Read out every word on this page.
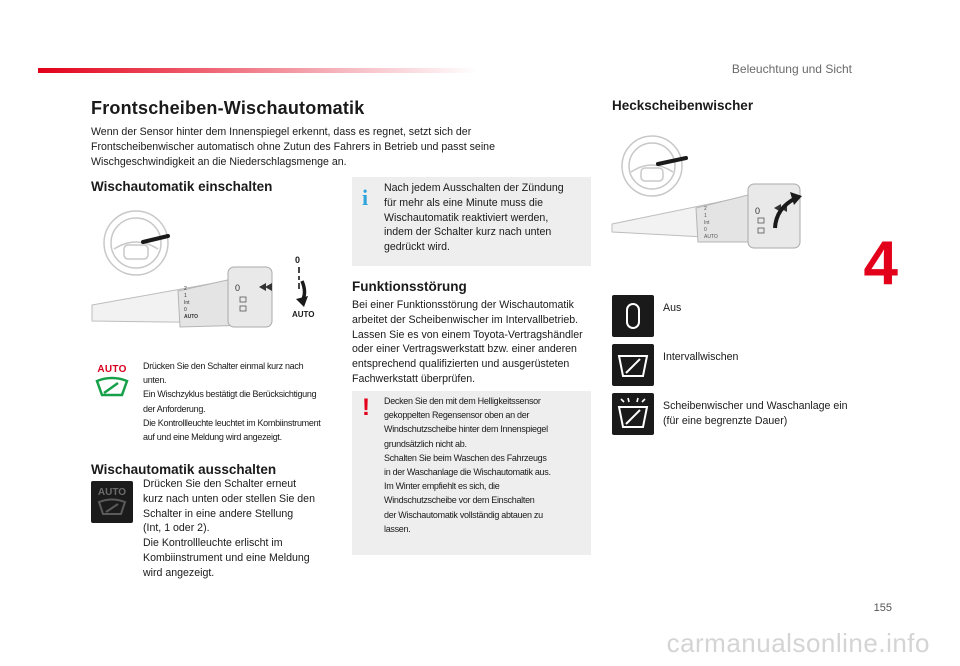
Beleuchtung und Sicht
Frontscheiben-Wischautomatik
Wenn der Sensor hinter dem Innenspiegel erkennt, dass es regnet, setzt sich der Frontscheibenwischer automatisch ohne Zutun des Fahrers in Betrieb und passt seine Wischgeschwindigkeit an die Niederschlagsmenge an.
Wischautomatik einschalten
2
1
Int
0
AUTO
0
0
AUTO
AUTO	Drücken Sie den Schalter einmal kurz nach
unten.
Ein Wischzyklus bestätigt die Berücksichtigung
der Anforderung.
Die Kontrollleuchte leuchtet im Kombiinstrument
auf und eine Meldung wird angezeigt.
Wischautomatik ausschalten
AUTO
Drücken Sie den Schalter erneut
kurz nach unten oder stellen Sie den
Schalter in eine andere Stellung
(Int, 1 oder 2).
Die Kontrollleuchte erlischt im
Kombiinstrument und eine Meldung
wird angezeigt.
i	Nach jedem Ausschalten der Zündung
für mehr als eine Minute muss die
Wischautomatik reaktiviert werden,
indem der Schalter kurz nach unten
gedrückt wird.
Funktionsstörung
Bei einer Funktionsstörung der Wischautomatik
arbeitet der Scheibenwischer im Intervallbetrieb.
Lassen Sie es von einem Toyota-Vertragshändler
oder einer Vertragswerkstatt bzw. einer anderen
entsprechend qualifizierten und ausgerüsteten
Fachwerkstatt überprüfen.
! Decken Sie den mit dem Helligkeitssensor
gekoppelten Regensensor oben an der
Windschutzscheibe hinter dem Innenspiegel
grundsätzlich nicht ab.
Schalten Sie beim Waschen des Fahrzeugs
in der Waschanlage die Wischautomatik aus.
Im Winter empfiehlt es sich, die
Windschutzscheibe vor dem Einschalten
der Wischautomatik vollständig abtauen zu
lassen.
Heckscheibenwischer
2
1
Int
0
AUTO
0
Aus
Intervallwischen
Scheibenwischer und Waschanlage ein (für eine begrenzte Dauer)
4
155
carmanualsonline.info
